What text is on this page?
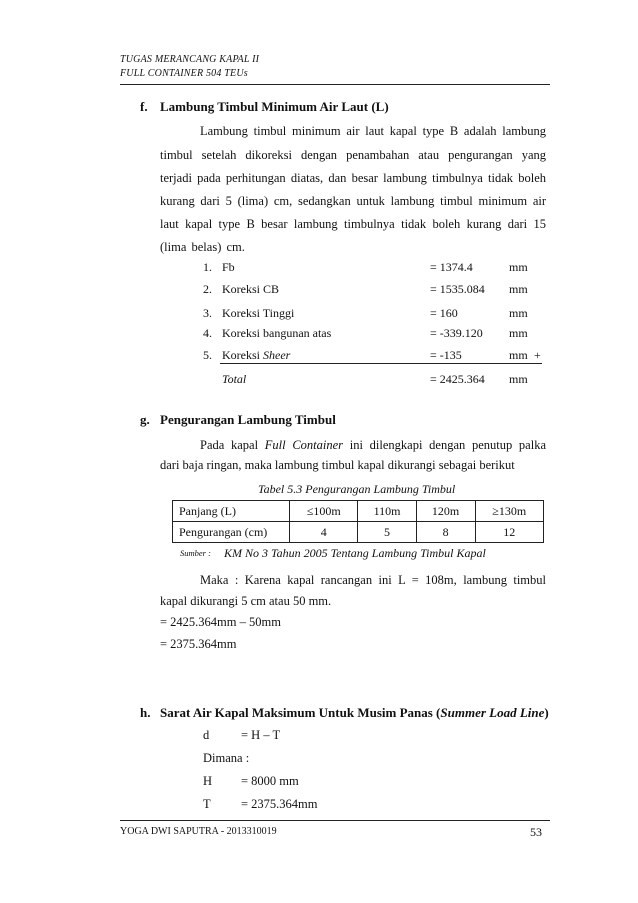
TUGAS MERANCANG KAPAL II
FULL CONTAINER 504 TEUs
f. Lambung Timbul Minimum Air Laut (L)
Lambung timbul minimum air laut kapal type B adalah lambung
timbul setelah dikoreksi dengan penambahan atau pengurangan yang
terjadi pada perhitungan diatas, dan besar lambung timbulnya tidak boleh
kurang dari 5 (lima) cm, sedangkan untuk lambung timbul minimum air
laut kapal type B besar lambung timbulnya tidak boleh kurang dari 15
(lima belas) cm.
1. Fb	= 1374.4	mm
2. Koreksi CB	= 1535.084 mm
3. Koreksi Tinggi	= 160	mm
4. Koreksi bangunan atas	= -339.120 mm
5. Koreksi Sheer	= -135	mm +
Total	= 2425.364 mm
g. Pengurangan Lambung Timbul
Pada kapal Full Container ini dilengkapi dengan penutup palka
dari baja ringan, maka lambung timbul kapal dikurangi sebagai berikut
Tabel 5.3 Pengurangan Lambung Timbul
Panjang (L)	≤100m	110m	120m	≥130m
Pengurangan (cm)	4	5	8	12
Sumber : KM No 3 Tahun 2005 Tentang Lambung Timbul Kapal
Maka : Karena kapal rancangan ini L = 108m, lambung timbul
kapal dikurangi 5 cm atau 50 mm.
= 2425.364mm – 50mm
= 2375.364mm
h. Sarat Air Kapal Maksimum Untuk Musim Panas (Summer Load Line)
d	= H – T
Dimana :
H = 8000 mm
T = 2375.364mm
YOGA DWI SAPUTRA - 2013310019	53
